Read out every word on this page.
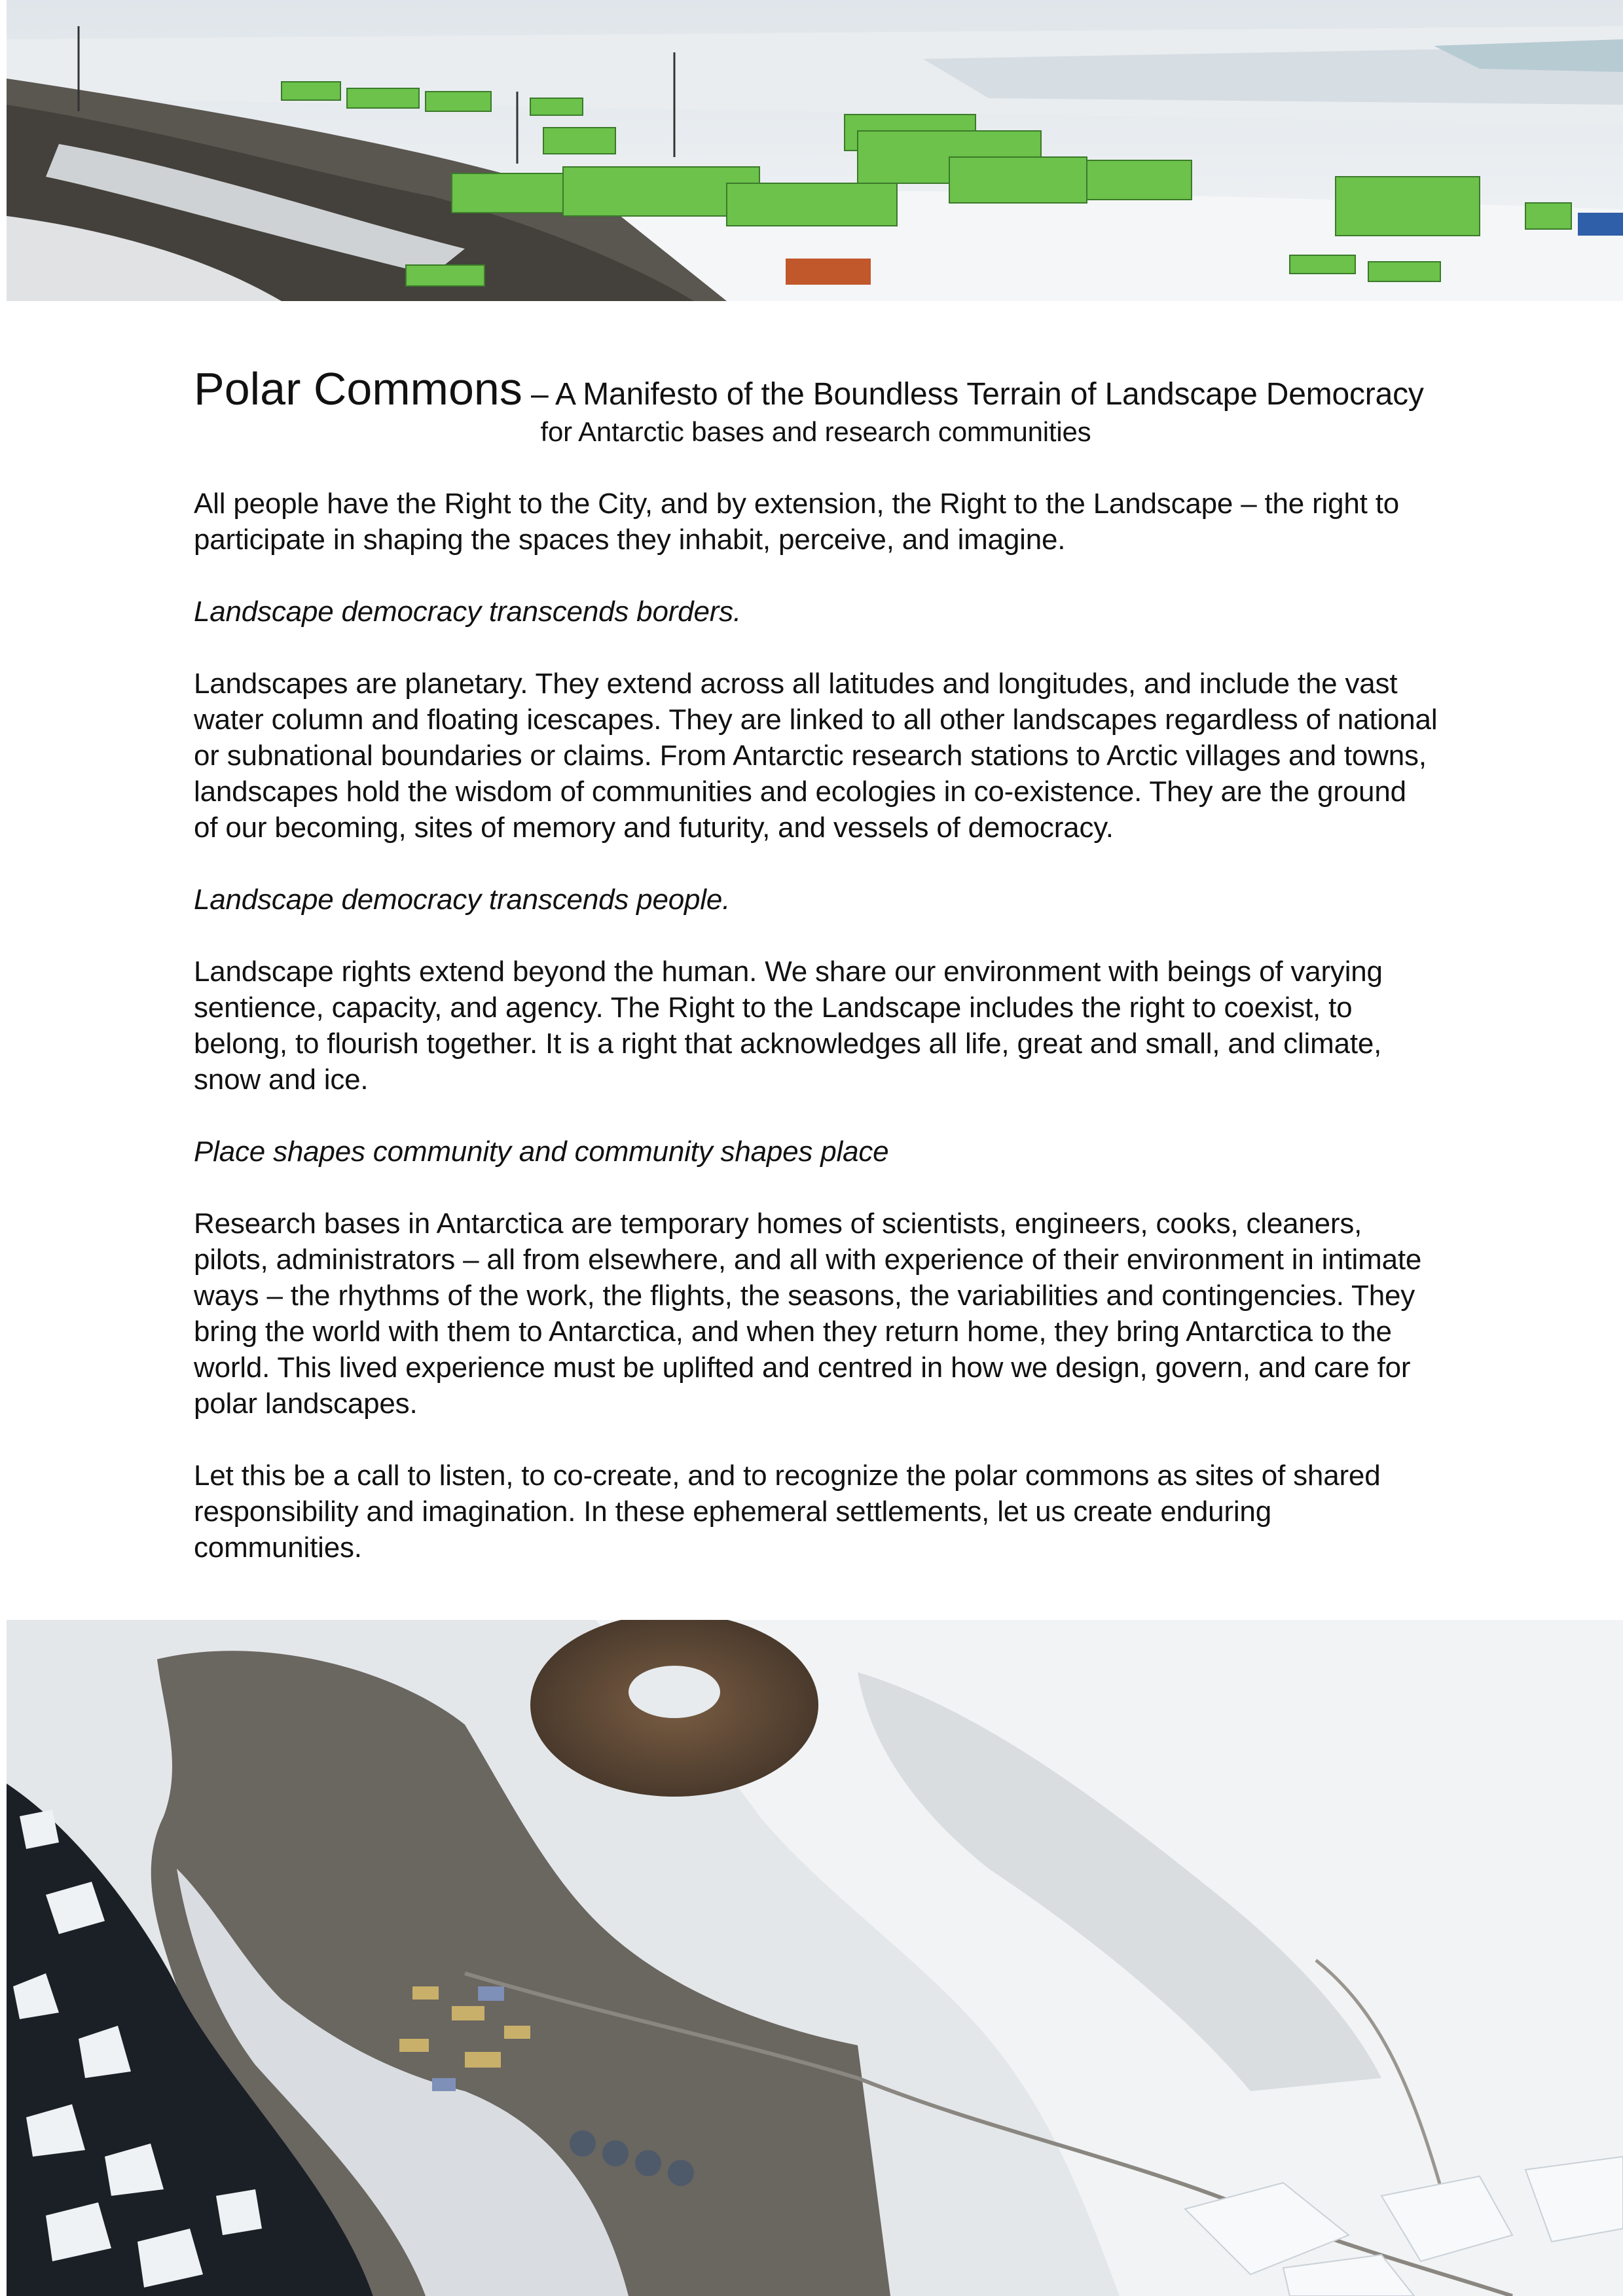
Polar Commons – A Manifesto of the Boundless Terrain of Landscape Democracy

for Antarctic bases and research communities

All people have the Right to the City, and by extension, the Right to the Landscape – the right to participate in shaping the spaces they inhabit, perceive, and imagine.

Landscape democracy transcends borders.

Landscapes are planetary. They extend across all latitudes and longitudes, and include the vast water column and floating icescapes. They are linked to all other landscapes regardless of national or subnational boundaries or claims. From Antarctic research stations to Arctic villages and towns, landscapes hold the wisdom of communities and ecologies in co-existence. They are the ground of our becoming, sites of memory and futurity, and vessels of democracy.

Landscape democracy transcends people.

Landscape rights extend beyond the human. We share our environment with beings of varying sentience, capacity, and agency. The Right to the Landscape includes the right to coexist, to belong, to flourish together. It is a right that acknowledges all life, great and small, and climate, snow and ice.

Place shapes community and community shapes place

Research bases in Antarctica are temporary homes of scientists, engineers, cooks, cleaners, pilots, administrators – all from elsewhere, and all with experience of their environment in intimate ways – the rhythms of the work, the flights, the seasons, the variabilities and contingencies. They bring the world with them to Antarctica, and when they return home, they bring Antarctica to the world. This lived experience must be uplifted and centred in how we design, govern, and care for polar landscapes.

Let this be a call to listen, to co-create, and to recognize the polar commons as sites of shared responsibility and imagination. In these ephemeral settlements, let us create enduring communities.
